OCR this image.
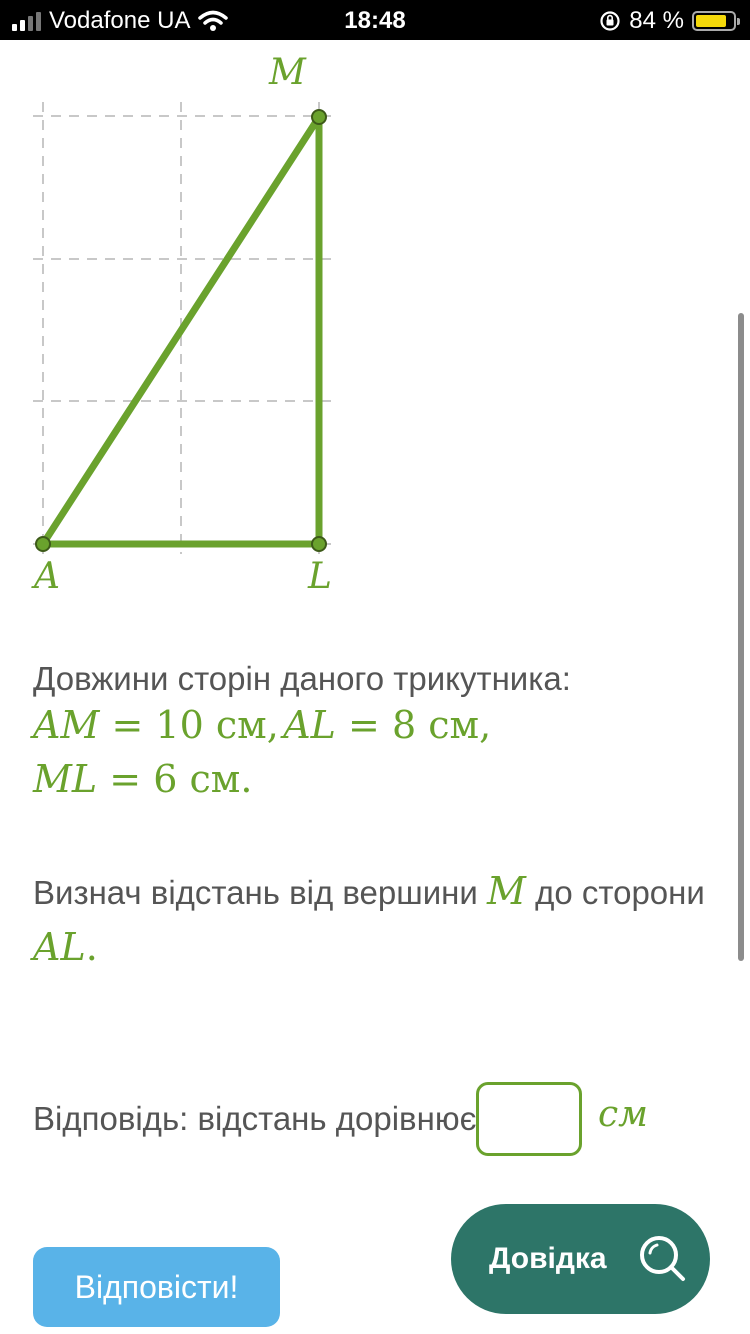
Vodafone UA	18:48	84 %
M
A	L
Довжини сторін даного трикутника:
AM = 10 см, AL = 8 см,
ML = 6 см.
Визнач відстань від вершини M до сторони
AL.
Відповідь: відстань дорівнює	см
Відповісти!
Довідка
